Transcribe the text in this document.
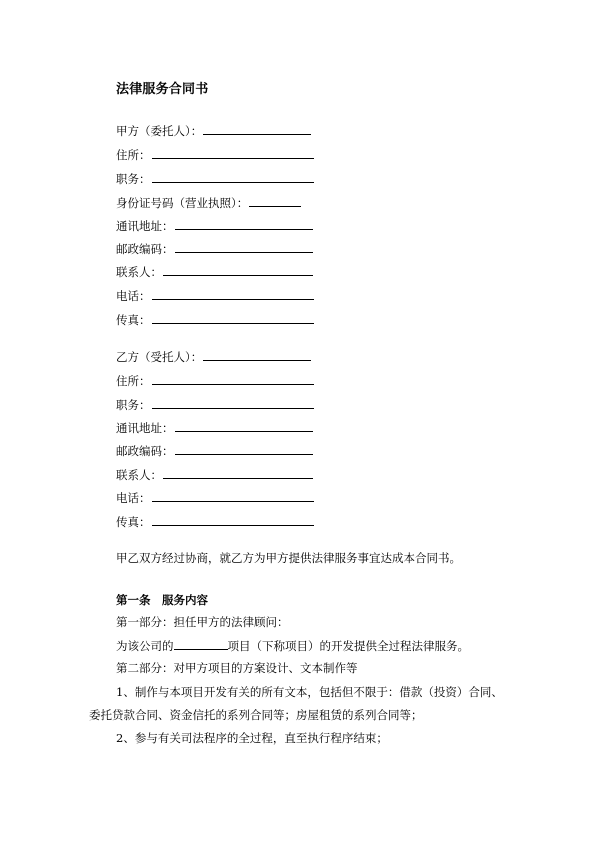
法律服务合同书
甲方（委托人）：
住所：
职务：
身份证号码（营业执照）：
通讯地址：
邮政编码：
联系人：
电话：
传真：
乙方（受托人）：
住所：
职务：
通讯地址：
邮政编码：
联系人：
电话：
传真：
甲乙双方经过协商，就乙方为甲方提供法律服务事宜达成本合同书。
第一条　服务内容
第一部分：担任甲方的法律顾问：
为该公司的	项目（下称项目）的开发提供全过程法律服务。
第二部分：对甲方项目的方案设计、文本制作等
1、制作与本项目开发有关的所有文本，包括但不限于：借款（投资）合同、
委托贷款合同、资金信托的系列合同等；房屋租赁的系列合同等；
2、参与有关司法程序的全过程，直至执行程序结束；
